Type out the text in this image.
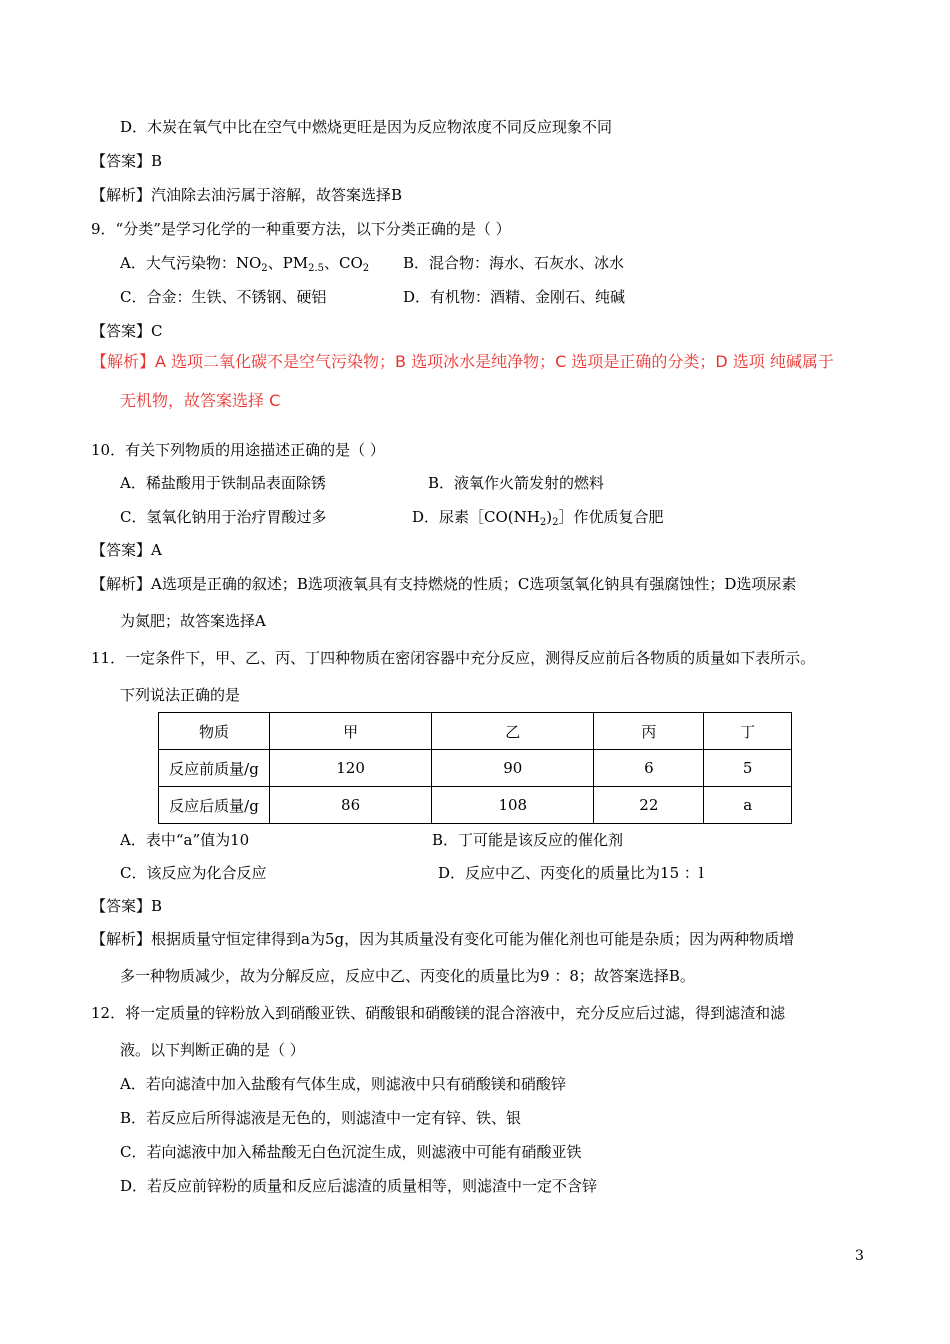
D．木炭在氧气中比在空气中燃烧更旺是因为反应物浓度不同反应现象不同
【答案】B
【解析】汽油除去油污属于溶解，故答案选择B
9．“分类”是学习化学的一种重要方法，以下分类正确的是（ ）
A．大气污染物：$NO_2$、$PM_{2.5}$、$CO_2$ B．混合物：海水、石灰水、冰水
C．合金：生铁、不锈钢、硬铝	D．有机物：酒精、金刚石、纯碱
【答案】C
【解析】A 选项二氧化碳不是空气污染物；B 选项冰水是纯净物；C 选项是正确的分类；D 选项 纯碱属于
无机物，故答案选择 C
10．有关下列物质的用途描述正确的是（ ）
A．稀盐酸用于铁制品表面除锈	B．液氧作火箭发射的燃料
C．氢氧化钠用于治疗胃酸过多	D．尿素$[CO(NH_2)_2]$作优质复合肥
【答案】A
【解析】A选项是正确的叙述；B选项液氧具有支持燃烧的性质；C选项氢氧化钠具有强腐蚀性；D选项尿素
为氮肥；故答案选择A
11．一定条件下，甲、乙、丙、丁四种物质在密闭容器中充分反应，测得反应前后各物质的质量如下表所示。
下列说法正确的是
物质	甲	乙	丙	丁
反应前质量/g	120	90	6	5
反应后质量/g	86	108	22	a
A．表中“a”值为10	B．丁可能是该反应的催化剂
C．该反应为化合反应	D．反应中乙、丙变化的质量比为15 ：l
【答案】B
【解析】根据质量守恒定律得到a为5g，因为其质量没有变化可能为催化剂也可能是杂质；因为两种物质增
多一种物质减少，故为分解反应，反应中乙、丙变化的质量比为9 ：8；故答案选择B。
12．将一定质量的锌粉放入到硝酸亚铁、硝酸银和硝酸镁的混合溶液中，充分反应后过滤，得到滤渣和滤
液。以下判断正确的是（ ）
A．若向滤渣中加入盐酸有气体生成，则滤液中只有硝酸镁和硝酸锌
B．若反应后所得滤液是无色的，则滤渣中一定有锌、铁、银
C．若向滤液中加入稀盐酸无白色沉淀生成，则滤液中可能有硝酸亚铁
D．若反应前锌粉的质量和反应后滤渣的质量相等，则滤渣中一定不含锌
3
